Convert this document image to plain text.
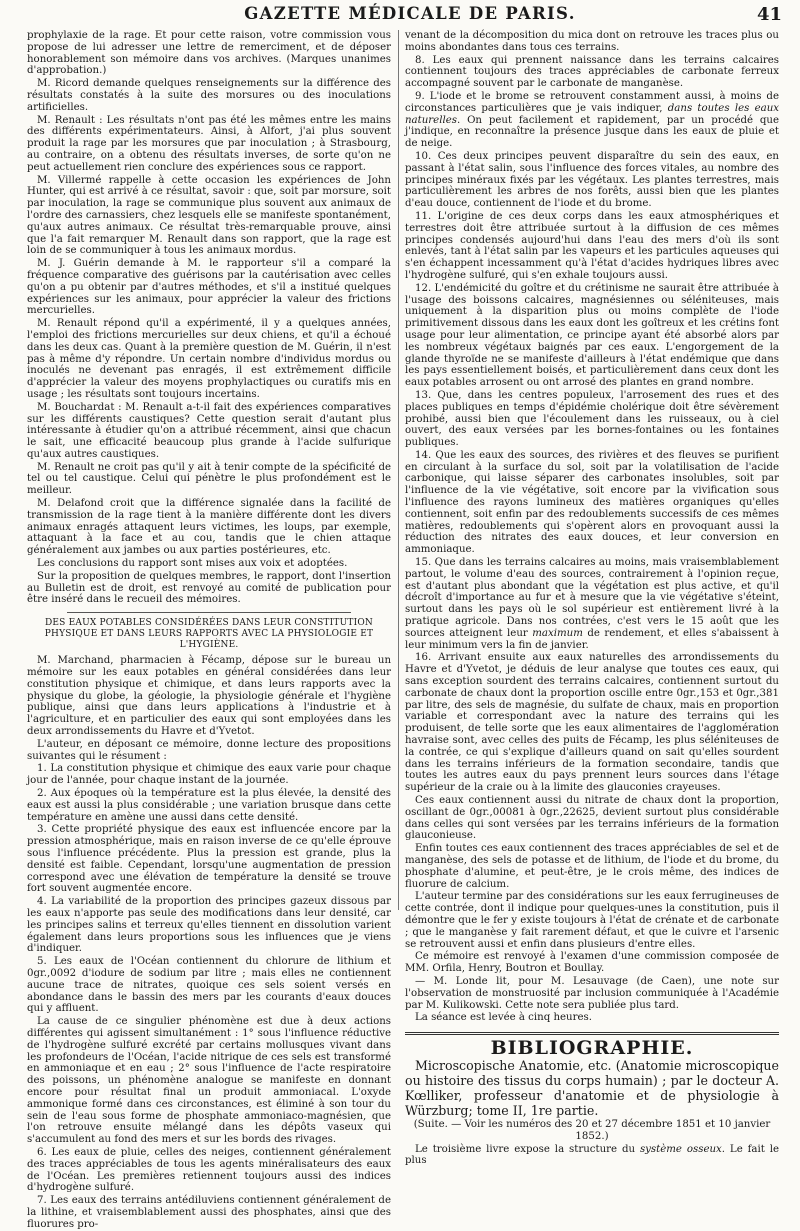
GAZETTE MÉDICALE DE PARIS.	41

prophylaxie de la rage. Et pour cette raison, votre commission vous propose de lui adresser une lettre de remerciment, et de déposer honorablement son mémoire dans vos archives. (Marques unanimes d'approbation.)

M. Ricord demande quelques renseignements sur la différence des résultats constatés à la suite des morsures ou des inoculations artificielles.

M. Renault : Les résultats n'ont pas été les mêmes entre les mains des différents expérimentateurs. Ainsi, à Alfort, j'ai plus souvent produit la rage par les morsures que par inoculation ; à Strasbourg, au contraire, on a obtenu des résultats inverses, de sorte qu'on ne peut actuellement rien conclure des expériences sous ce rapport.

M. Villermé rappelle à cette occasion les expériences de John Hunter, qui est arrivé à ce résultat, savoir : que, soit par morsure, soit par inoculation, la rage se communique plus souvent aux animaux de l'ordre des carnassiers, chez lesquels elle se manifeste spontanément, qu'aux autres animaux. Ce résultat très-remarquable prouve, ainsi que l'a fait remarquer M. Renault dans son rapport, que la rage est loin de se communiquer à tous les animaux mordus.

M. J. Guérin demande à M. le rapporteur s'il a comparé la fréquence comparative des guérisons par la cautérisation avec celles qu'on a pu obtenir par d'autres méthodes, et s'il a institué quelques expériences sur les animaux, pour apprécier la valeur des frictions mercurielles.

M. Renault répond qu'il a expérimenté, il y a quelques années, l'emploi des frictions mercurielles sur deux chiens, et qu'il a échoué dans les deux cas. Quant à la première question de M. Guérin, il n'est pas à même d'y répondre. Un certain nombre d'individus mordus ou inoculés ne devenant pas enragés, il est extrêmement difficile d'apprécier la valeur des moyens prophylactiques ou curatifs mis en usage ; les résultats sont toujours incertains.

M. Bouchardat : M. Renault a-t-il fait des expériences comparatives sur les différents caustiques? Cette question serait d'autant plus intéressante à étudier qu'on a attribué récemment, ainsi que chacun le sait, une efficacité beaucoup plus grande à l'acide sulfurique qu'aux autres caustiques.

M. Renault ne croit pas qu'il y ait à tenir compte de la spécificité de tel ou tel caustique. Celui qui pénètre le plus profondément est le meilleur.

M. Delafond croit que la différence signalée dans la facilité de transmission de la rage tient à la manière différente dont les divers animaux enragés attaquent leurs victimes, les loups, par exemple, attaquant à la face et au cou, tandis que le chien attaque généralement aux jambes ou aux parties postérieures, etc.

Les conclusions du rapport sont mises aux voix et adoptées.

Sur la proposition de quelques membres, le rapport, dont l'insertion au Bulletin est de droit, est renvoyé au comité de publication pour être inséré dans le recueil des mémoires.

DES EAUX POTABLES CONSIDÉRÉES DANS LEUR CONSTITUTION PHYSIQUE ET DANS LEURS RAPPORTS AVEC LA PHYSIOLOGIE ET L'HYGIÈNE.

M. Marchand, pharmacien à Fécamp, dépose sur le bureau un mémoire sur les eaux potables en général considérées dans leur constitution physique et chimique, et dans leurs rapports avec la physique du globe, la géologie, la physiologie générale et l'hygiène publique, ainsi que dans leurs applications à l'industrie et à l'agriculture, et en particulier des eaux qui sont employées dans les deux arrondissements du Havre et d'Yvetot.

L'auteur, en déposant ce mémoire, donne lecture des propositions suivantes qui le résument :

1. La constitution physique et chimique des eaux varie pour chaque jour de l'année, pour chaque instant de la journée.

2. Aux époques où la température est la plus élevée, la densité des eaux est aussi la plus considérable ; une variation brusque dans cette température en amène une aussi dans cette densité.

3. Cette propriété physique des eaux est influencée encore par la pression atmosphérique, mais en raison inverse de ce qu'elle éprouve sous l'influence précédente. Plus la pression est grande, plus la densité est faible. Cependant, lorsqu'une augmentation de pression correspond avec une élévation de température la densité se trouve fort souvent augmentée encore.

4. La variabilité de la proportion des principes gazeux dissous par les eaux n'apporte pas seule des modifications dans leur densité, car les principes salins et terreux qu'elles tiennent en dissolution varient également dans leurs proportions sous les influences que je viens d'indiquer.

5. Les eaux de l'Océan contiennent du chlorure de lithium et 0gr.,0092 d'iodure de sodium par litre ; mais elles ne contiennent aucune trace de nitrates, quoique ces sels soient versés en abondance dans le bassin des mers par les courants d'eaux douces qui y affluent.

La cause de ce singulier phénomène est due à deux actions différentes qui agissent simultanément : 1° sous l'influence réductive de l'hydrogène sulfuré excrété par certains mollusques vivant dans les profondeurs de l'Océan, l'acide nitrique de ces sels est transformé en ammoniaque et en eau ; 2° sous l'influence de l'acte respiratoire des poissons, un phénomène analogue se manifeste en donnant encore pour résultat final un produit ammoniacal. L'oxyde ammonique formé dans ces circonstances, est éliminé à son tour du sein de l'eau sous forme de phosphate ammoniaco-magnésien, que l'on retrouve ensuite mélangé dans les dépôts vaseux qui s'accumulent au fond des mers et sur les bords des rivages.

6. Les eaux de pluie, celles des neiges, contiennent généralement des traces appréciables de tous les agents minéralisateurs des eaux de l'Océan. Les premières retiennent toujours aussi des indices d'hydrogène sulfuré.

7. Les eaux des terrains antédiluviens contiennent généralement de la lithine, et vraisemblablement aussi des phosphates, ainsi que des fluorures pro-

venant de la décomposition du mica dont on retrouve les traces plus ou moins abondantes dans tous ces terrains.

8. Les eaux qui prennent naissance dans les terrains calcaires contiennent toujours des traces appréciables de carbonate ferreux accompagné souvent par le carbonate de manganèse.

9. L'iode et le brome se retrouvent constamment aussi, à moins de circonstances particulières que je vais indiquer, dans toutes les eaux naturelles. On peut facilement et rapidement, par un procédé que j'indique, en reconnaître la présence jusque dans les eaux de pluie et de neige.

10. Ces deux principes peuvent disparaître du sein des eaux, en passant à l'état salin, sous l'influence des forces vitales, au nombre des principes minéraux fixés par les végétaux. Les plantes terrestres, mais particulièrement les arbres de nos forêts, aussi bien que les plantes d'eau douce, contiennent de l'iode et du brome.

11. L'origine de ces deux corps dans les eaux atmosphériques et terrestres doit être attribuée surtout à la diffusion de ces mêmes principes condensés aujourd'hui dans l'eau des mers d'où ils sont enlevés, tant à l'état salin par les vapeurs et les particules aqueuses qui s'en échappent incessamment qu'à l'état d'acides hydriques libres avec l'hydrogène sulfuré, qui s'en exhale toujours aussi.

12. L'endémicité du goître et du crétinisme ne saurait être attribuée à l'usage des boissons calcaires, magnésiennes ou séléniteuses, mais uniquement à la disparition plus ou moins complète de l'iode primitivement dissous dans les eaux dont les goîtreux et les crétins font usage pour leur alimentation, ce principe ayant été absorbé alors par les nombreux végétaux baignés par ces eaux. L'engorgement de la glande thyroïde ne se manifeste d'ailleurs à l'état endémique que dans les pays essentiellement boisés, et particulièrement dans ceux dont les eaux potables arrosent ou ont arrosé des plantes en grand nombre.

13. Que, dans les centres populeux, l'arrosement des rues et des places publiques en temps d'épidémie cholérique doit être sévèrement prohibé, aussi bien que l'écoulement dans les ruisseaux, ou à ciel ouvert, des eaux versées par les bornes-fontaines ou les fontaines publiques.

14. Que les eaux des sources, des rivières et des fleuves se purifient en circulant à la surface du sol, soit par la volatilisation de l'acide carbonique, qui laisse séparer des carbonates insolubles, soit par l'influence de la vie végétative, soit encore par la vivification sous l'influence des rayons lumineux des matières organiques qu'elles contiennent, soit enfin par des redoublements successifs de ces mêmes matières, redoublements qui s'opèrent alors en provoquant aussi la réduction des nitrates des eaux douces, et leur conversion en ammoniaque.

15. Que dans les terrains calcaires au moins, mais vraisemblablement partout, le volume d'eau des sources, contrairement à l'opinion reçue, est d'autant plus abondant que la végétation est plus active, et qu'il décroît d'importance au fur et à mesure que la vie végétative s'éteint, surtout dans les pays où le sol supérieur est entièrement livré à la pratique agricole. Dans nos contrées, c'est vers le 15 août que les sources atteignent leur maximum de rendement, et elles s'abaissent à leur minimum vers la fin de janvier.

16. Arrivant ensuite aux eaux naturelles des arrondissements du Havre et d'Yvetot, je déduis de leur analyse que toutes ces eaux, qui sans exception sourdent des terrains calcaires, contiennent surtout du carbonate de chaux dont la proportion oscille entre 0gr.,153 et 0gr.,381 par litre, des sels de magnésie, du sulfate de chaux, mais en proportion variable et correspondant avec la nature des terrains qui les produisent, de telle sorte que les eaux alimentaires de l'agglomération havraise sont, avec celles des puits de Fécamp, les plus séléniteuses de la contrée, ce qui s'explique d'ailleurs quand on sait qu'elles sourdent dans les terrains inférieurs de la formation secondaire, tandis que toutes les autres eaux du pays prennent leurs sources dans l'étage supérieur de la craie ou à la limite des glauconies crayeuses.

Ces eaux contiennent aussi du nitrate de chaux dont la proportion, oscillant de 0gr.,00081 à 0gr.,22625, devient surtout plus considérable dans celles qui sont versées par les terrains inférieurs de la formation glauconieuse.

Enfin toutes ces eaux contiennent des traces appréciables de sel et de manganèse, des sels de potasse et de lithium, de l'iode et du brome, du phosphate d'alumine, et peut-être, je le crois même, des indices de fluorure de calcium.

L'auteur termine par des considérations sur les eaux ferrugineuses de cette contrée, dont il indique pour quelques-unes la constitution, puis il démontre que le fer y existe toujours à l'état de crénate et de carbonate ; que le manganèse y fait rarement défaut, et que le cuivre et l'arsenic se retrouvent aussi et enfin dans plusieurs d'entre elles.

Ce mémoire est renvoyé à l'examen d'une commission composée de MM. Orfila, Henry, Boutron et Boullay.

— M. Londe lit, pour M. Lesauvage (de Caen), une note sur l'observation de monstruosité par inclusion communiquée à l'Académie par M. Kulikowski. Cette note sera publiée plus tard.

La séance est levée à cinq heures.

BIBLIOGRAPHIE.

Microscopische Anatomie, etc. (Anatomie microscopique ou histoire des tissus du corps humain) ; par le docteur A. Kœlliker, professeur d'anatomie et de physiologie à Würzburg; tome II, 1re partie.

(Suite. — Voir les numéros des 20 et 27 décembre 1851 et 10 janvier 1852.)

Le troisième livre expose la structure du système osseux. Le fait le plus
